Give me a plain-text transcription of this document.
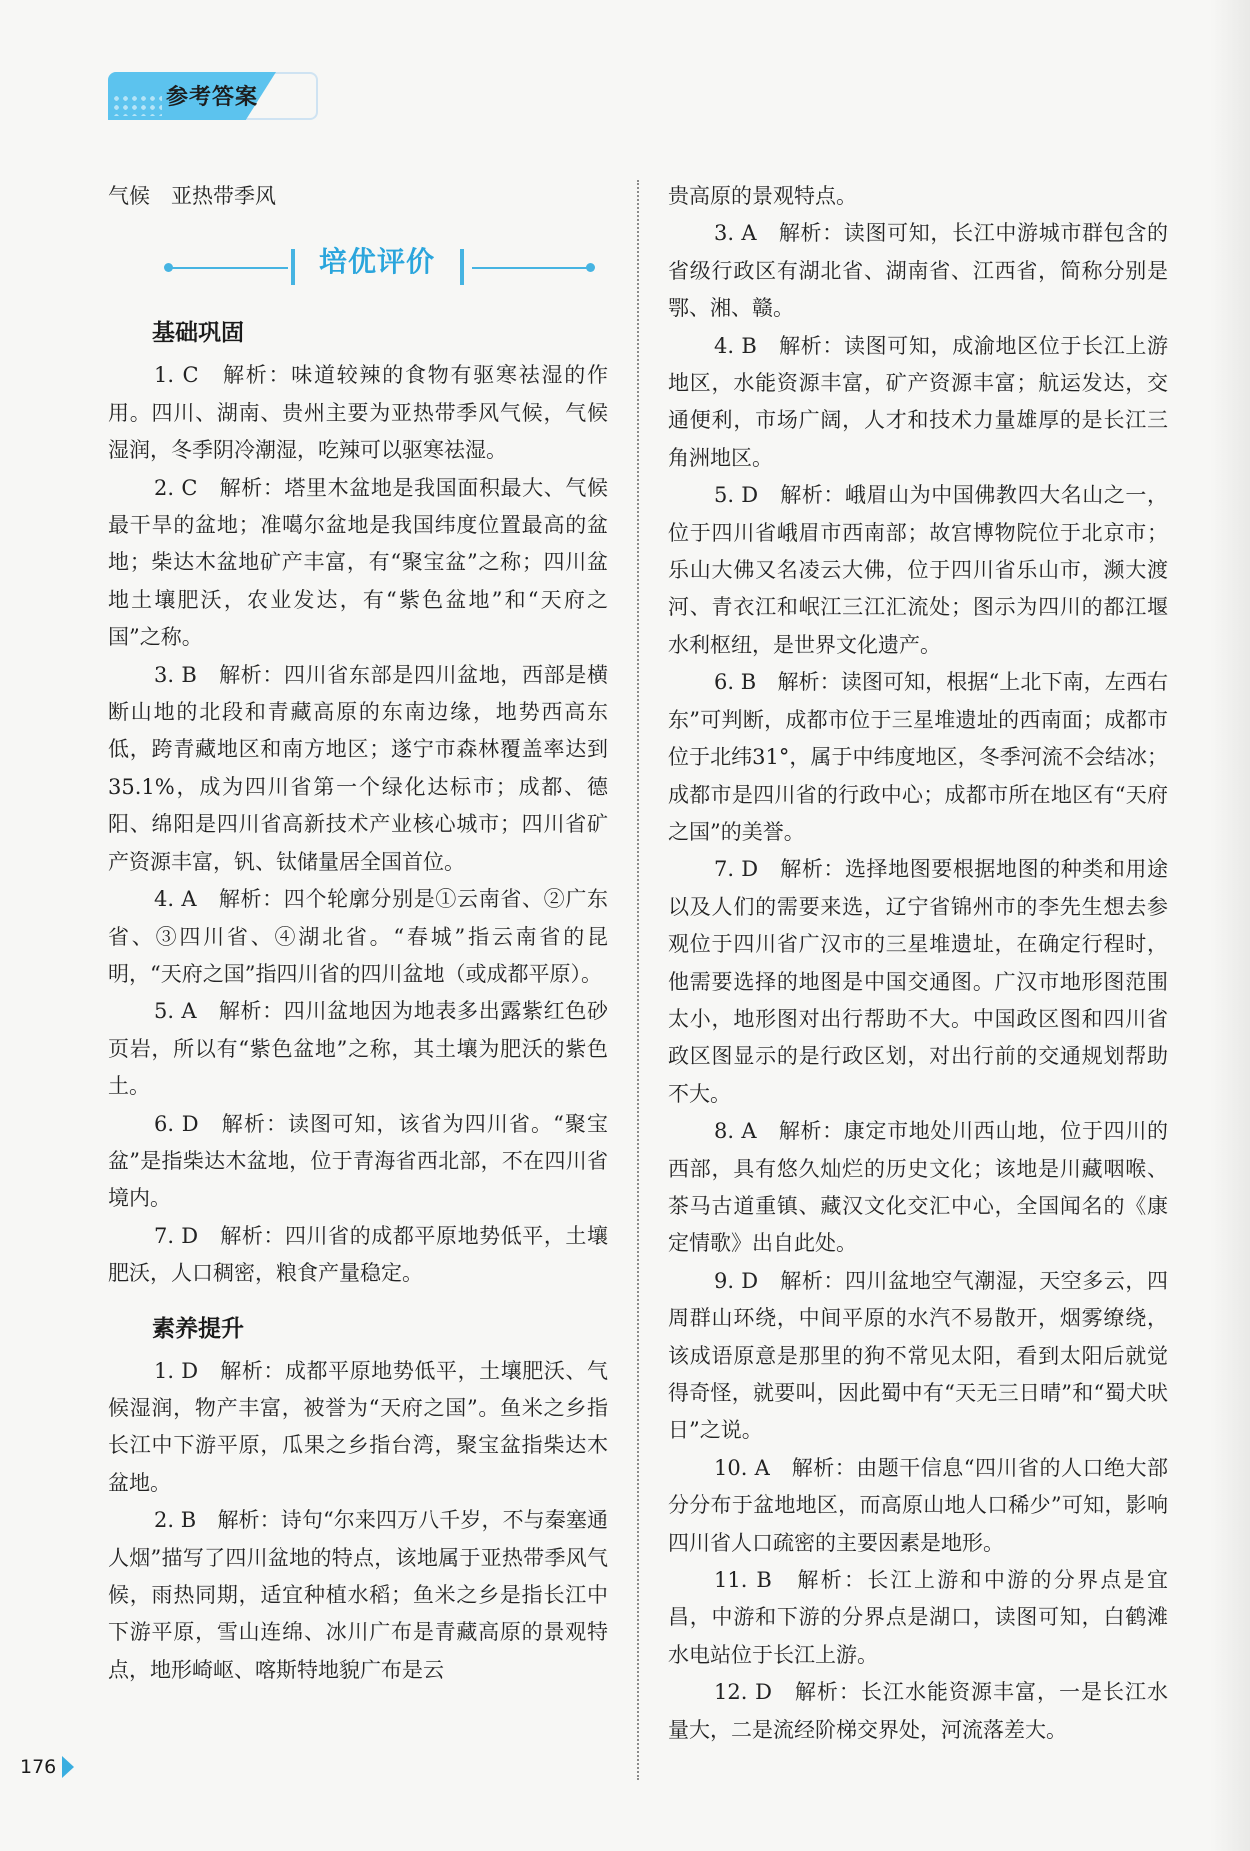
参考答案

气候　亚热带季风

培优评价
基础巩固

1. C　解析：味道较辣的食物有驱寒祛湿的作用。四川、湖南、贵州主要为亚热带季风气候，气候湿润，冬季阴冷潮湿，吃辣可以驱寒祛湿。

2. C　解析：塔里木盆地是我国面积最大、气候最干旱的盆地；准噶尔盆地是我国纬度位置最高的盆地；柴达木盆地矿产丰富，有“聚宝盆”之称；四川盆地土壤肥沃，农业发达，有“紫色盆地”和“天府之国”之称。

3. B　解析：四川省东部是四川盆地，西部是横断山地的北段和青藏高原的东南边缘，地势西高东低，跨青藏地区和南方地区；遂宁市森林覆盖率达到35.1%，成为四川省第一个绿化达标市；成都、德阳、绵阳是四川省高新技术产业核心城市；四川省矿产资源丰富，钒、钛储量居全国首位。

4. A　解析：四个轮廓分别是①云南省、②广东省、③四川省、④湖北省。“春城”指云南省的昆明，“天府之国”指四川省的四川盆地（或成都平原）。

5. A　解析：四川盆地因为地表多出露紫红色砂页岩，所以有“紫色盆地”之称，其土壤为肥沃的紫色土。

6. D　解析：读图可知，该省为四川省。“聚宝盆”是指柴达木盆地，位于青海省西北部，不在四川省境内。

7. D　解析：四川省的成都平原地势低平，土壤肥沃，人口稠密，粮食产量稳定。

素养提升

1. D　解析：成都平原地势低平，土壤肥沃、气候湿润，物产丰富，被誉为“天府之国”。鱼米之乡指长江中下游平原，瓜果之乡指台湾，聚宝盆指柴达木盆地。

2. B　解析：诗句“尔来四万八千岁，不与秦塞通人烟”描写了四川盆地的特点，该地属于亚热带季风气候，雨热同期，适宜种植水稻；鱼米之乡是指长江中下游平原，雪山连绵、冰川广布是青藏高原的景观特点，地形崎岖、喀斯特地貌广布是云

贵高原的景观特点。

3. A　解析：读图可知，长江中游城市群包含的省级行政区有湖北省、湖南省、江西省，简称分别是鄂、湘、赣。

4. B　解析：读图可知，成渝地区位于长江上游地区，水能资源丰富，矿产资源丰富；航运发达，交通便利，市场广阔，人才和技术力量雄厚的是长江三角洲地区。

5. D　解析：峨眉山为中国佛教四大名山之一，位于四川省峨眉市西南部；故宫博物院位于北京市；乐山大佛又名凌云大佛，位于四川省乐山市，濒大渡河、青衣江和岷江三江汇流处；图示为四川的都江堰水利枢纽，是世界文化遗产。

6. B　解析：读图可知，根据“上北下南，左西右东”可判断，成都市位于三星堆遗址的西南面；成都市位于北纬31°，属于中纬度地区，冬季河流不会结冰；成都市是四川省的行政中心；成都市所在地区有“天府之国”的美誉。

7. D　解析：选择地图要根据地图的种类和用途以及人们的需要来选，辽宁省锦州市的李先生想去参观位于四川省广汉市的三星堆遗址，在确定行程时，他需要选择的地图是中国交通图。广汉市地形图范围太小，地形图对出行帮助不大。中国政区图和四川省政区图显示的是行政区划，对出行前的交通规划帮助不大。

8. A　解析：康定市地处川西山地，位于四川的西部，具有悠久灿烂的历史文化；该地是川藏咽喉、茶马古道重镇、藏汉文化交汇中心，全国闻名的《康定情歌》出自此处。

9. D　解析：四川盆地空气潮湿，天空多云，四周群山环绕，中间平原的水汽不易散开，烟雾缭绕，该成语原意是那里的狗不常见太阳，看到太阳后就觉得奇怪，就要叫，因此蜀中有“天无三日晴”和“蜀犬吠日”之说。

10. A　解析：由题干信息“四川省的人口绝大部分分布于盆地地区，而高原山地人口稀少”可知，影响四川省人口疏密的主要因素是地形。

11. B　解析：长江上游和中游的分界点是宜昌，中游和下游的分界点是湖口，读图可知，白鹤滩水电站位于长江上游。

12. D　解析：长江水能资源丰富，一是长江水量大，二是流经阶梯交界处，河流落差大。

176
